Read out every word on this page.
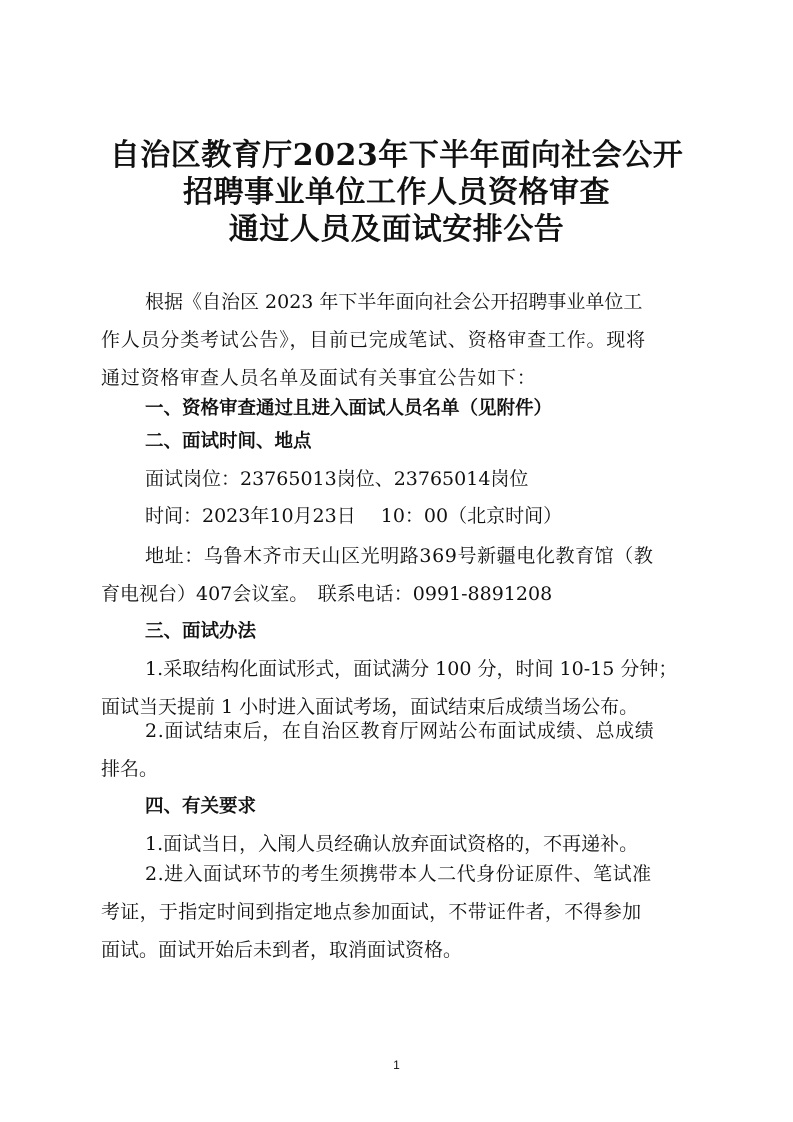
自治区教育厅2023年下半年面向社会公开
招聘事业单位工作人员资格审查
通过人员及面试安排公告
根据《自治区 2023 年下半年面向社会公开招聘事业单位工
作人员分类考试公告》，目前已完成笔试、资格审查工作。现将
通过资格审查人员名单及面试有关事宜公告如下：
一、资格审查通过且进入面试人员名单（见附件）
二、面试时间、地点
面试岗位：23765013岗位、23765014岗位
时间：2023年10月23日　 10：00（北京时间）
地址：乌鲁木齐市天山区光明路369号新疆电化教育馆（教
育电视台）407会议室。　联系电话：0991-8891208
三、面试办法
1.采取结构化面试形式，面试满分 100 分，时间 10-15 分钟；
面试当天提前 1 小时进入面试考场，面试结束后成绩当场公布。
2.面试结束后，在自治区教育厅网站公布面试成绩、总成绩
排名。
四、有关要求
1.面试当日，入闱人员经确认放弃面试资格的，不再递补。
2.进入面试环节的考生须携带本人二代身份证原件、笔试准
考证，于指定时间到指定地点参加面试，不带证件者，不得参加
面试。面试开始后未到者，取消面试资格。
1
